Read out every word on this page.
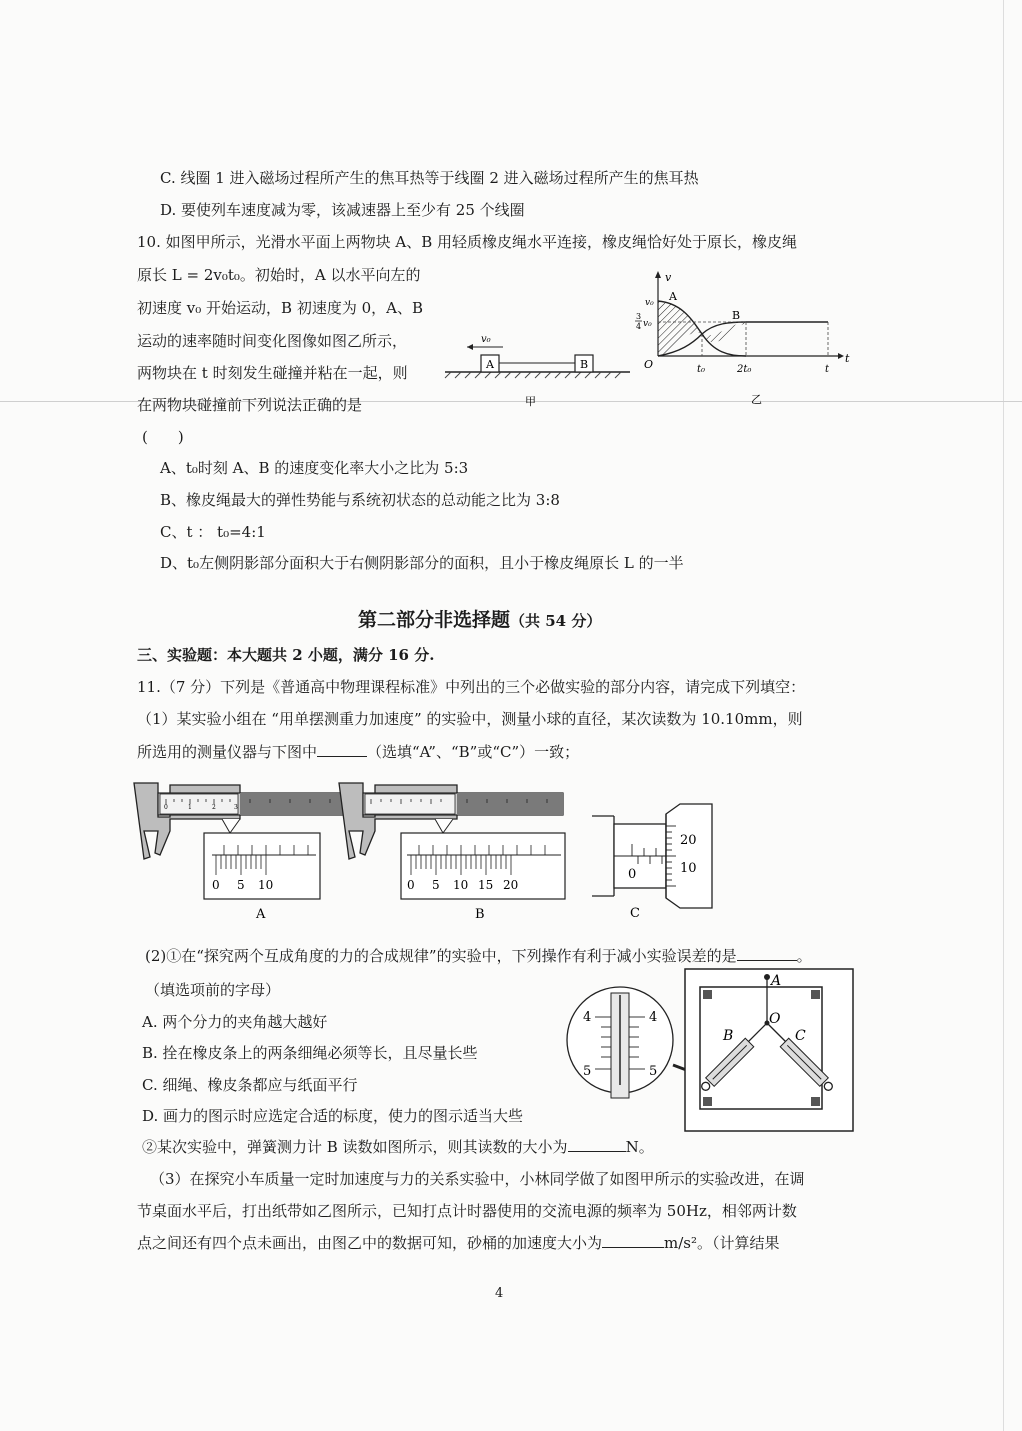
C. 线圈 1 进入磁场过程所产生的焦耳热等于线圈 2 进入磁场过程所产生的焦耳热
D. 要使列车速度减为零，该减速器上至少有 25 个线圈
10. 如图甲所示，光滑水平面上两物块 A、B 用轻质橡皮绳水平连接，橡皮绳恰好处于原长，橡皮绳
原长 L = 2v₀t₀。初始时，A 以水平向左的
初速度 v₀ 开始运动，B 初速度为 0，A、B
运动的速率随时间变化图像如图乙所示，
两物块在 t 时刻发生碰撞并粘在一起，则
在两物块碰撞前下列说法正确的是
(　　)
A、t₀时刻 A、B 的速度变化率大小之比为 5:3
B、橡皮绳最大的弹性势能与系统初状态的总动能之比为 3:8
C、t ： t₀=4:1
D、t₀左侧阴影部分面积大于右侧阴影部分的面积，且小于橡皮绳原长 L 的一半
A	B
v₀
甲
v
t
O
v₀
3
4 v₀
A
B
t₀	2t₀	t
乙
第二部分非选择题（共 54 分）
三、实验题：本大题共 2 小题，满分 16 分.
11.（7 分）下列是《普通高中物理课程标准》中列出的三个必做实验的部分内容，请完成下列填空：
（1）某实验小组在 “用单摆测重力加速度” 的实验中，测量小球的直径，某次读数为 10.10mm，则
所选用的测量仪器与下图中	（选填“A”、“B”或“C”）一致；
0	1	2	3
0 5 10
A
0 5 10 15 20
B
20
10
0
C
(2)①在“探究两个互成角度的力的合成规律”的实验中，下列操作有利于减小实验误差的是	。
（填选项前的字母）
A. 两个分力的夹角越大越好
B. 拴在橡皮条上的两条细绳必须等长，且尽量长些
C. 细绳、橡皮条都应与纸面平行
D. 画力的图示时应选定合适的标度，使力的图示适当大些
②某次实验中，弹簧测力计 B 读数如图所示，则其读数的大小为	N。
4	4
5	5
A
O
B	C
（3）在探究小车质量一定时加速度与力的关系实验中，小林同学做了如图甲所示的实验改进，在调
节桌面水平后，打出纸带如乙图所示，已知打点计时器使用的交流电源的频率为 50Hz，相邻两计数
点之间还有四个点未画出，由图乙中的数据可知，砂桶的加速度大小为	m/s²。（计算结果
4
